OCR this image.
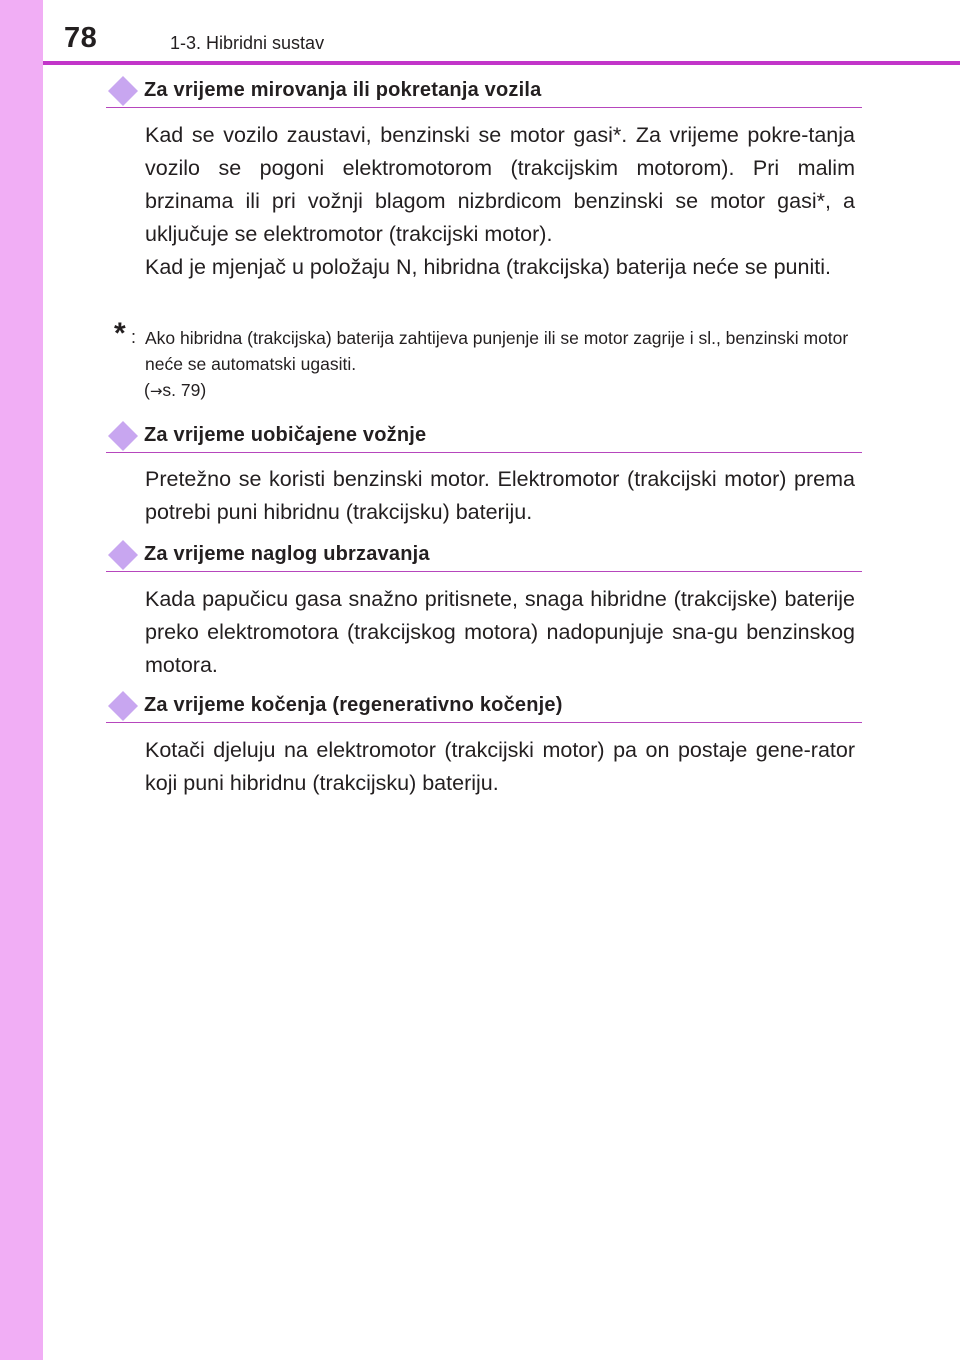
78	1-3. Hibridni sustav
Za vrijeme mirovanja ili pokretanja vozila

Kad se vozilo zaustavi, benzinski se motor gasi*. Za vrijeme pokre-tanja vozilo se pogoni elektromotorom (trakcijskim motorom). Pri malim brzinama ili pri vožnji blagom nizbrdicom benzinski se motor gasi*, a uključuje se elektromotor (trakcijski motor).

Kad je mjenjač u položaju N, hibridna (trakcijska) baterija neće se puniti.

* : Ako hibridna (trakcijska) baterija zahtijeva punjenje ili se motor zagrije i sl., benzinski motor neće se automatski ugasiti.
(→s. 79)

Za vrijeme uobičajene vožnje

Pretežno se koristi benzinski motor. Elektromotor (trakcijski motor) prema potrebi puni hibridnu (trakcijsku) bateriju.

Za vrijeme naglog ubrzavanja

Kada papučicu gasa snažno pritisnete, snaga hibridne (trakcijske) baterije preko elektromotora (trakcijskog motora) nadopunjuje sna-gu benzinskog motora.

Za vrijeme kočenja (regenerativno kočenje)

Kotači djeluju na elektromotor (trakcijski motor) pa on postaje gene-rator koji puni hibridnu (trakcijsku) bateriju.
